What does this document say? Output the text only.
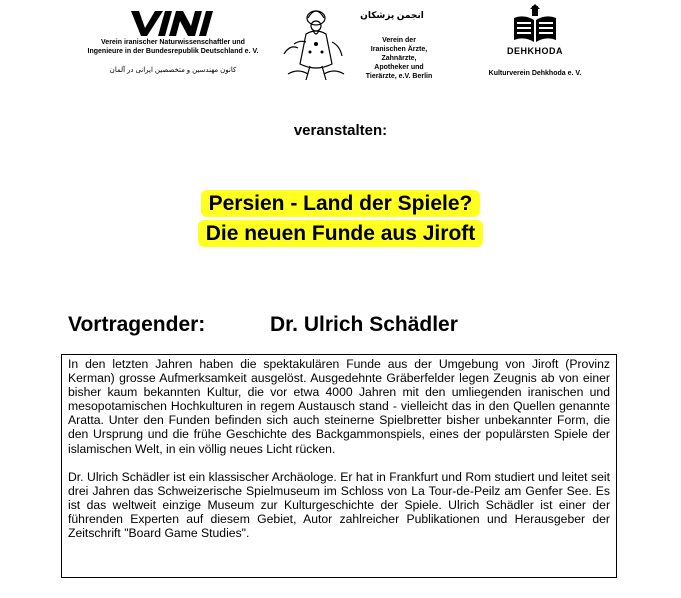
Verein iranischer Naturwissenschaftler und
Ingenieure in der Bundesrepublik Deutschland e. V.
کانون مهندسین و متخصصین ایرانی در آلمان
انجمن پزشکان
Verein der
Iranischen Ärzte,
Zahnärzte,
Apotheker und
Tierärzte, e.V. Berlin
DEHKHODA
Kulturverein Dehkhoda e. V.
veranstalten:
Persien - Land der Spiele?
Die neuen Funde aus Jiroft
Vortragender:	Dr. Ulrich Schädler

In den letzten Jahren haben die spektakulären Funde aus der Umgebung von Jiroft (Provinz Kerman) grosse Aufmerksamkeit ausgelöst. Ausgedehnte Gräberfelder legen Zeugnis ab von einer bisher kaum bekannten Kultur, die vor etwa 4000 Jahren mit den umliegenden iranischen und mesopotamischen Hochkulturen in regem Austausch stand - vielleicht das in den Quellen genannte Aratta. Unter den Funden befinden sich auch steinerne Spielbretter bisher unbekannter Form, die den Ursprung und die frühe Geschichte des Backgammonspiels, eines der populärsten Spiele der islamischen Welt, in ein völlig neues Licht rücken.

Dr. Ulrich Schädler ist ein klassischer Archäologe. Er hat in Frankfurt und Rom studiert und leitet seit drei Jahren das Schweizerische Spielmuseum im Schloss von La Tour-de-Peilz am Genfer See. Es ist das weltweit einzige Museum zur Kulturgeschichte der Spiele. Ulrich Schädler ist einer der führenden Experten auf diesem Gebiet, Autor zahlreicher Publikationen und Herausgeber der Zeitschrift "Board Game Studies".
